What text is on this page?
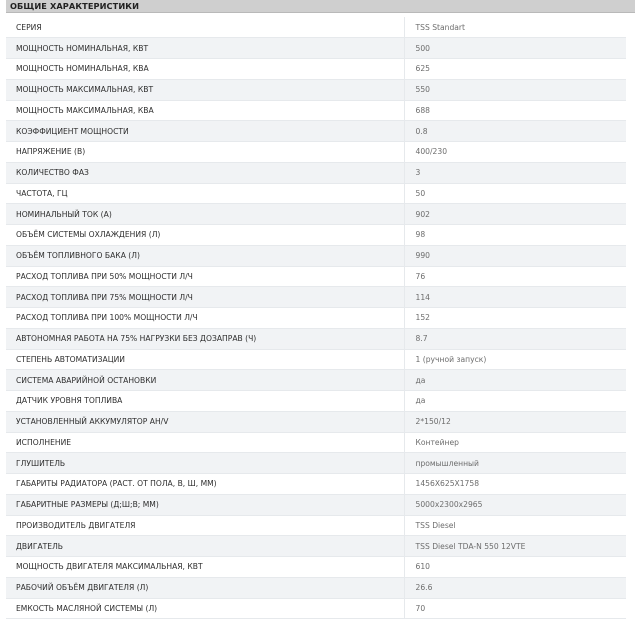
ОБЩИЕ ХАРАКТЕРИСТИКИ
СЕРИЯ	TSS Standart
МОЩНОСТЬ НОМИНАЛЬНАЯ, КВТ	500
МОЩНОСТЬ НОМИНАЛЬНАЯ, КВА	625
МОЩНОСТЬ МАКСИМАЛЬНАЯ, КВТ	550
МОЩНОСТЬ МАКСИМАЛЬНАЯ, КВА	688
КОЭФФИЦИЕНТ МОЩНОСТИ	0.8
НАПРЯЖЕНИЕ (В)	400/230
КОЛИЧЕСТВО ФАЗ	3
ЧАСТОТА, ГЦ	50
НОМИНАЛЬНЫЙ ТОК (А)	902
ОБЪЁМ СИСТЕМЫ ОХЛАЖДЕНИЯ (Л)	98
ОБЪЁМ ТОПЛИВНОГО БАКА (Л)	990
РАСХОД ТОПЛИВА ПРИ 50% МОЩНОСТИ Л/Ч	76
РАСХОД ТОПЛИВА ПРИ 75% МОЩНОСТИ Л/Ч	114
РАСХОД ТОПЛИВА ПРИ 100% МОЩНОСТИ Л/Ч	152
АВТОНОМНАЯ РАБОТА НА 75% НАГРУЗКИ БЕЗ ДОЗАПРАВ (Ч)	8.7
СТЕПЕНЬ АВТОМАТИЗАЦИИ	1 (ручной запуск)
СИСТЕМА АВАРИЙНОЙ ОСТАНОВКИ	да
ДАТЧИК УРОВНЯ ТОПЛИВА	да
УСТАНОВЛЕННЫЙ АККУМУЛЯТОР АН/V	2*150/12
ИСПОЛНЕНИЕ	Контейнер
ГЛУШИТЕЛЬ	промышленный
ГАБАРИТЫ РАДИАТОРА (РАСТ. ОТ ПОЛА, В, Ш, ММ)	1456Х625Х1758
ГАБАРИТНЫЕ РАЗМЕРЫ (Д;Ш;В; ММ)	5000х2300х2965
ПРОИЗВОДИТЕЛЬ ДВИГАТЕЛЯ	TSS Diesel
ДВИГАТЕЛЬ	TSS Diesel TDA-N 550 12VTE
МОЩНОСТЬ ДВИГАТЕЛЯ МАКСИМАЛЬНАЯ, КВТ	610
РАБОЧИЙ ОБЪЁМ ДВИГАТЕЛЯ (Л)	26.6
ЕМКОСТЬ МАСЛЯНОЙ СИСТЕМЫ (Л)	70
